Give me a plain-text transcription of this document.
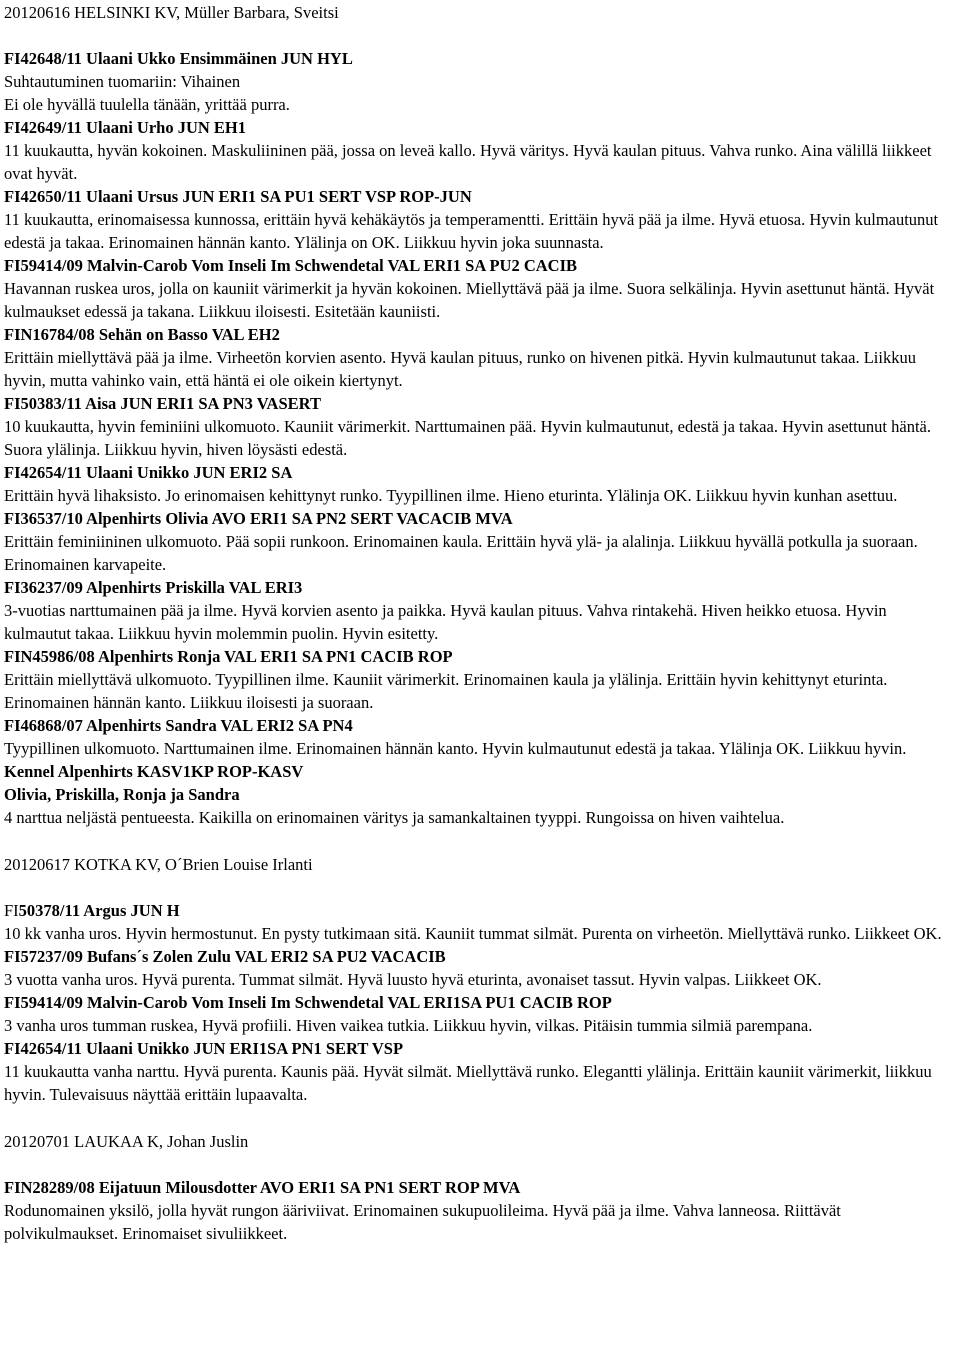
20120616 HELSINKI KV, Müller Barbara, Sveitsi

FI42648/11 Ulaani Ukko Ensimmäinen JUN HYL

Suhtautuminen tuomariin: Vihainen
Ei ole hyvällä tuulella tänään, yrittää purra.

FI42649/11 Ulaani Urho JUN EH1

11 kuukautta, hyvän kokoinen. Maskuliininen pää, jossa on leveä kallo. Hyvä väritys. Hyvä kaulan pituus. Vahva runko. Aina välillä liikkeet ovat hyvät.

FI42650/11 Ulaani Ursus JUN ERI1 SA PU1 SERT VSP ROP-JUN

11 kuukautta, erinomaisessa kunnossa, erittäin hyvä kehäkäytös ja temperamentti. Erittäin hyvä pää ja ilme. Hyvä etuosa. Hyvin kulmautunut edestä ja takaa. Erinomainen hännän kanto. Ylälinja on OK. Liikkuu hyvin joka suunnasta.

FI59414/09 Malvin-Carob Vom Inseli Im Schwendetal VAL ERI1 SA PU2 CACIB

Havannan ruskea uros, jolla on kauniit värimerkit ja hyvän kokoinen. Miellyttävä pää ja ilme. Suora selkälinja. Hyvin asettunut häntä. Hyvät kulmaukset edessä ja takana. Liikkuu iloisesti. Esitetään kauniisti.

FIN16784/08 Sehän on Basso VAL EH2

Erittäin miellyttävä pää ja ilme. Virheetön korvien asento. Hyvä kaulan pituus, runko on hivenen pitkä. Hyvin kulmautunut takaa. Liikkuu hyvin, mutta vahinko vain, että häntä ei ole oikein kiertynyt.

FI50383/11 Aisa JUN ERI1 SA PN3 VASERT

10 kuukautta, hyvin feminiini ulkomuoto. Kauniit värimerkit. Narttumainen pää. Hyvin kulmautunut, edestä ja takaa. Hyvin asettunut häntä. Suora ylälinja. Liikkuu hyvin, hiven löysästi edestä.

FI42654/11 Ulaani Unikko JUN ERI2 SA

Erittäin hyvä lihaksisto. Jo erinomaisen kehittynyt runko. Tyypillinen ilme. Hieno eturinta. Ylälinja OK. Liikkuu hyvin kunhan asettuu.

FI36537/10 Alpenhirts Olivia AVO ERI1 SA PN2 SERT VACACIB MVA

Erittäin feminiininen ulkomuoto. Pää sopii runkoon. Erinomainen kaula. Erittäin hyvä ylä- ja alalinja. Liikkuu hyvällä potkulla ja suoraan. Erinomainen karvapeite.

FI36237/09 Alpenhirts Priskilla VAL ERI3

3-vuotias narttumainen pää ja ilme. Hyvä korvien asento ja paikka. Hyvä kaulan pituus. Vahva rintakehä. Hiven heikko etuosa. Hyvin kulmautut takaa. Liikkuu hyvin molemmin puolin. Hyvin esitetty.

FIN45986/08 Alpenhirts Ronja VAL ERI1 SA PN1 CACIB ROP

Erittäin miellyttävä ulkomuoto. Tyypillinen ilme. Kauniit värimerkit. Erinomainen kaula ja ylälinja. Erittäin hyvin kehittynyt eturinta. Erinomainen hännän kanto. Liikkuu iloisesti ja suoraan.

FI46868/07 Alpenhirts Sandra VAL ERI2 SA PN4

Tyypillinen ulkomuoto. Narttumainen ilme. Erinomainen hännän kanto. Hyvin kulmautunut edestä ja takaa. Ylälinja OK. Liikkuu hyvin.

Kennel Alpenhirts KASV1KP ROP-KASV
Olivia, Priskilla, Ronja ja Sandra

4 narttua neljästä pentueesta. Kaikilla on erinomainen väritys ja samankaltainen tyyppi. Rungoissa on hiven vaihtelua.

20120617 KOTKA KV, O´Brien Louise Irlanti

FI50378/11 Argus JUN H

10 kk vanha uros. Hyvin hermostunut. En pysty tutkimaan sitä. Kauniit tummat silmät. Purenta on virheetön. Miellyttävä runko. Liikkeet OK.

FI57237/09 Bufans´s Zolen Zulu VAL ERI2 SA PU2 VACACIB

3 vuotta vanha uros. Hyvä purenta. Tummat silmät. Hyvä luusto hyvä eturinta, avonaiset tassut. Hyvin valpas. Liikkeet OK.

FI59414/09 Malvin-Carob Vom Inseli Im Schwendetal VAL ERI1SA PU1 CACIB ROP

3 vanha uros tumman ruskea, Hyvä profiili. Hiven vaikea tutkia. Liikkuu hyvin, vilkas. Pitäisin tummia silmiä parempana.

FI42654/11 Ulaani Unikko JUN ERI1SA PN1 SERT VSP

11 kuukautta vanha narttu. Hyvä purenta. Kaunis pää. Hyvät silmät. Miellyttävä runko. Elegantti ylälinja. Erittäin kauniit värimerkit, liikkuu hyvin. Tulevaisuus näyttää erittäin lupaavalta.

20120701 LAUKAA K, Johan Juslin

FIN28289/08 Eijatuun Milousdotter AVO ERI1 SA PN1 SERT ROP MVA

Rodunomainen yksilö, jolla hyvät rungon ääriviivat. Erinomainen sukupuolileima. Hyvä pää ja ilme. Vahva lanneosa. Riittävät polvikulmaukset. Erinomaiset sivuliikkeet.
